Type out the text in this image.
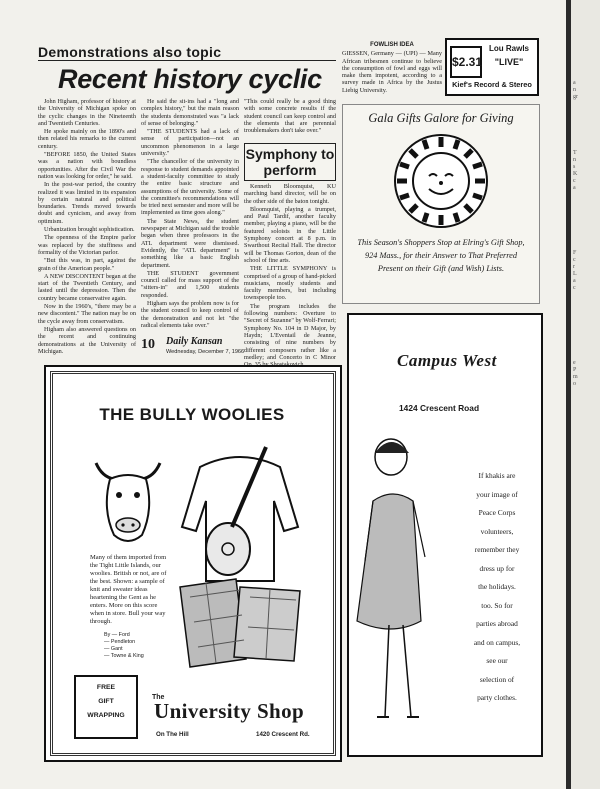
Demonstrations also topic
Recent history cyclic

John Higham, professor of history at the University of Michigan spoke on the cyclic changes in the Nineteenth and Twentieth Centuries.

He spoke mainly on the 1890's and then related his remarks to the current century.

"BEFORE 1850, the United States was a nation with boundless opportunities. After the Civil War the nation was looking for order," he said.

In the post-war period, the country realized it was limited in its expansion by certain natural and political boundaries. Trends moved towards doubt and cynicism, and away from optimism.

Urbanization brought sophistication.

The openness of the Empire parlor was replaced by the stuffiness and formality of the Victorian parlor.

"But this was, in part, against the grain of the American people."

A NEW DISCONTENT began at the start of the Twentieth Century, and lasted until the depression. Then the country became conservative again.

Now in the 1960's, "there may be a new discontent." The nation may be on the cycle away from conservatism.

Higham also answered questions on the recent and continuing demonstrations at the University of Michigan.

He said the sit-ins had a "long and complex history," but the main reason the students demonstrated was "a lack of sense of belonging."

"THE STUDENTS had a lack of sense of participation—not an uncommon phenomenon in a large university."

"The chancellor of the university in response to student demands appointed a student-faculty committee to study the entire basic structure and assumptions of the university. Some of the committee's recommendations will be tried next semester and more will be implemented as time goes along."

The State News, the student newspaper at Michigan said the trouble began when three professors in the ATL department were dismissed. Evidently, the "ATL department" is something like a basic English department.

THE STUDENT government council called for mass support of the "sitters-in" and 1,500 students responded.

Higham says the problem now is for the student council to keep control of the demonstration and not let "the radical elements take over."

"This could really be a good thing with some concrete results if the student council can keep control and the elements that are perennial troublemakers don't take over."

Symphony to perform

Kenneth Bloomquist, KU marching band director, will be on the other side of the baton tonight.

Bloomquist, playing a trumpet, and Paul Tardif, another faculty member, playing a piano, will be the featured soloists in the Little Symphony concert at 8 p.m. in Swarthout Recital Hall. The director will be Thomas Gorton, dean of the school of fine arts.

THE LITTLE SYMPHONY is comprised of a group of hand-picked musicians, mostly students and faculty members, but including townspeople too.

The program includes the following numbers: Overture to "Secret of Suzanne" by Wolf-Ferrari; Symphony No. 104 in D Major, by Haydn; L'Eventail de Jeanne, consisting of nine numbers by different composers rather like a medley; and Concerto in C Minor

10 Daily Kansan
Wednesday, December 7, 1966
FOWLISH IDEA

GIESSEN, Germany — (UPI) — Many African tribesmen continue to believe the consumption of fowl and eggs will make them impotent, according to a survey made in Africa by the Justus Liebig University.

$2.31
Lou Rawls
"LIVE"
Kief's Record & Stereo
Gala Gifts Galore for Giving
This Season's Shoppers Stop at Elring's Gift Shop, 924 Mass., for their Answer to That Preferred Present on their Gift (and Wish) Lists.
Campus West
1424 Crescent Road
If khakis are
your image of
Peace Corps
volunteers,
remember they
dress up for
the holidays.
too. So for
parties abroad
and on campus,
see our
selection of
party clothes.
THE BULLY WOOLIES
Many of them imported from the Tight Little Islands, our woolies. British or not, are of the best. Shown: a sample of knit and sweater ideas heartening the Gent as he enters. More on this score when in store. Bull your way through.
By — Ford
— Pendleton
— Gant
— Towne & King
FREE
GIFT
WRAPPING
The
University Shop
On The Hill	1420 Crescent Rd.
a
n
gr
T
n
s
K
c
a
F
c
r
L
a
c
e
P
m
o
